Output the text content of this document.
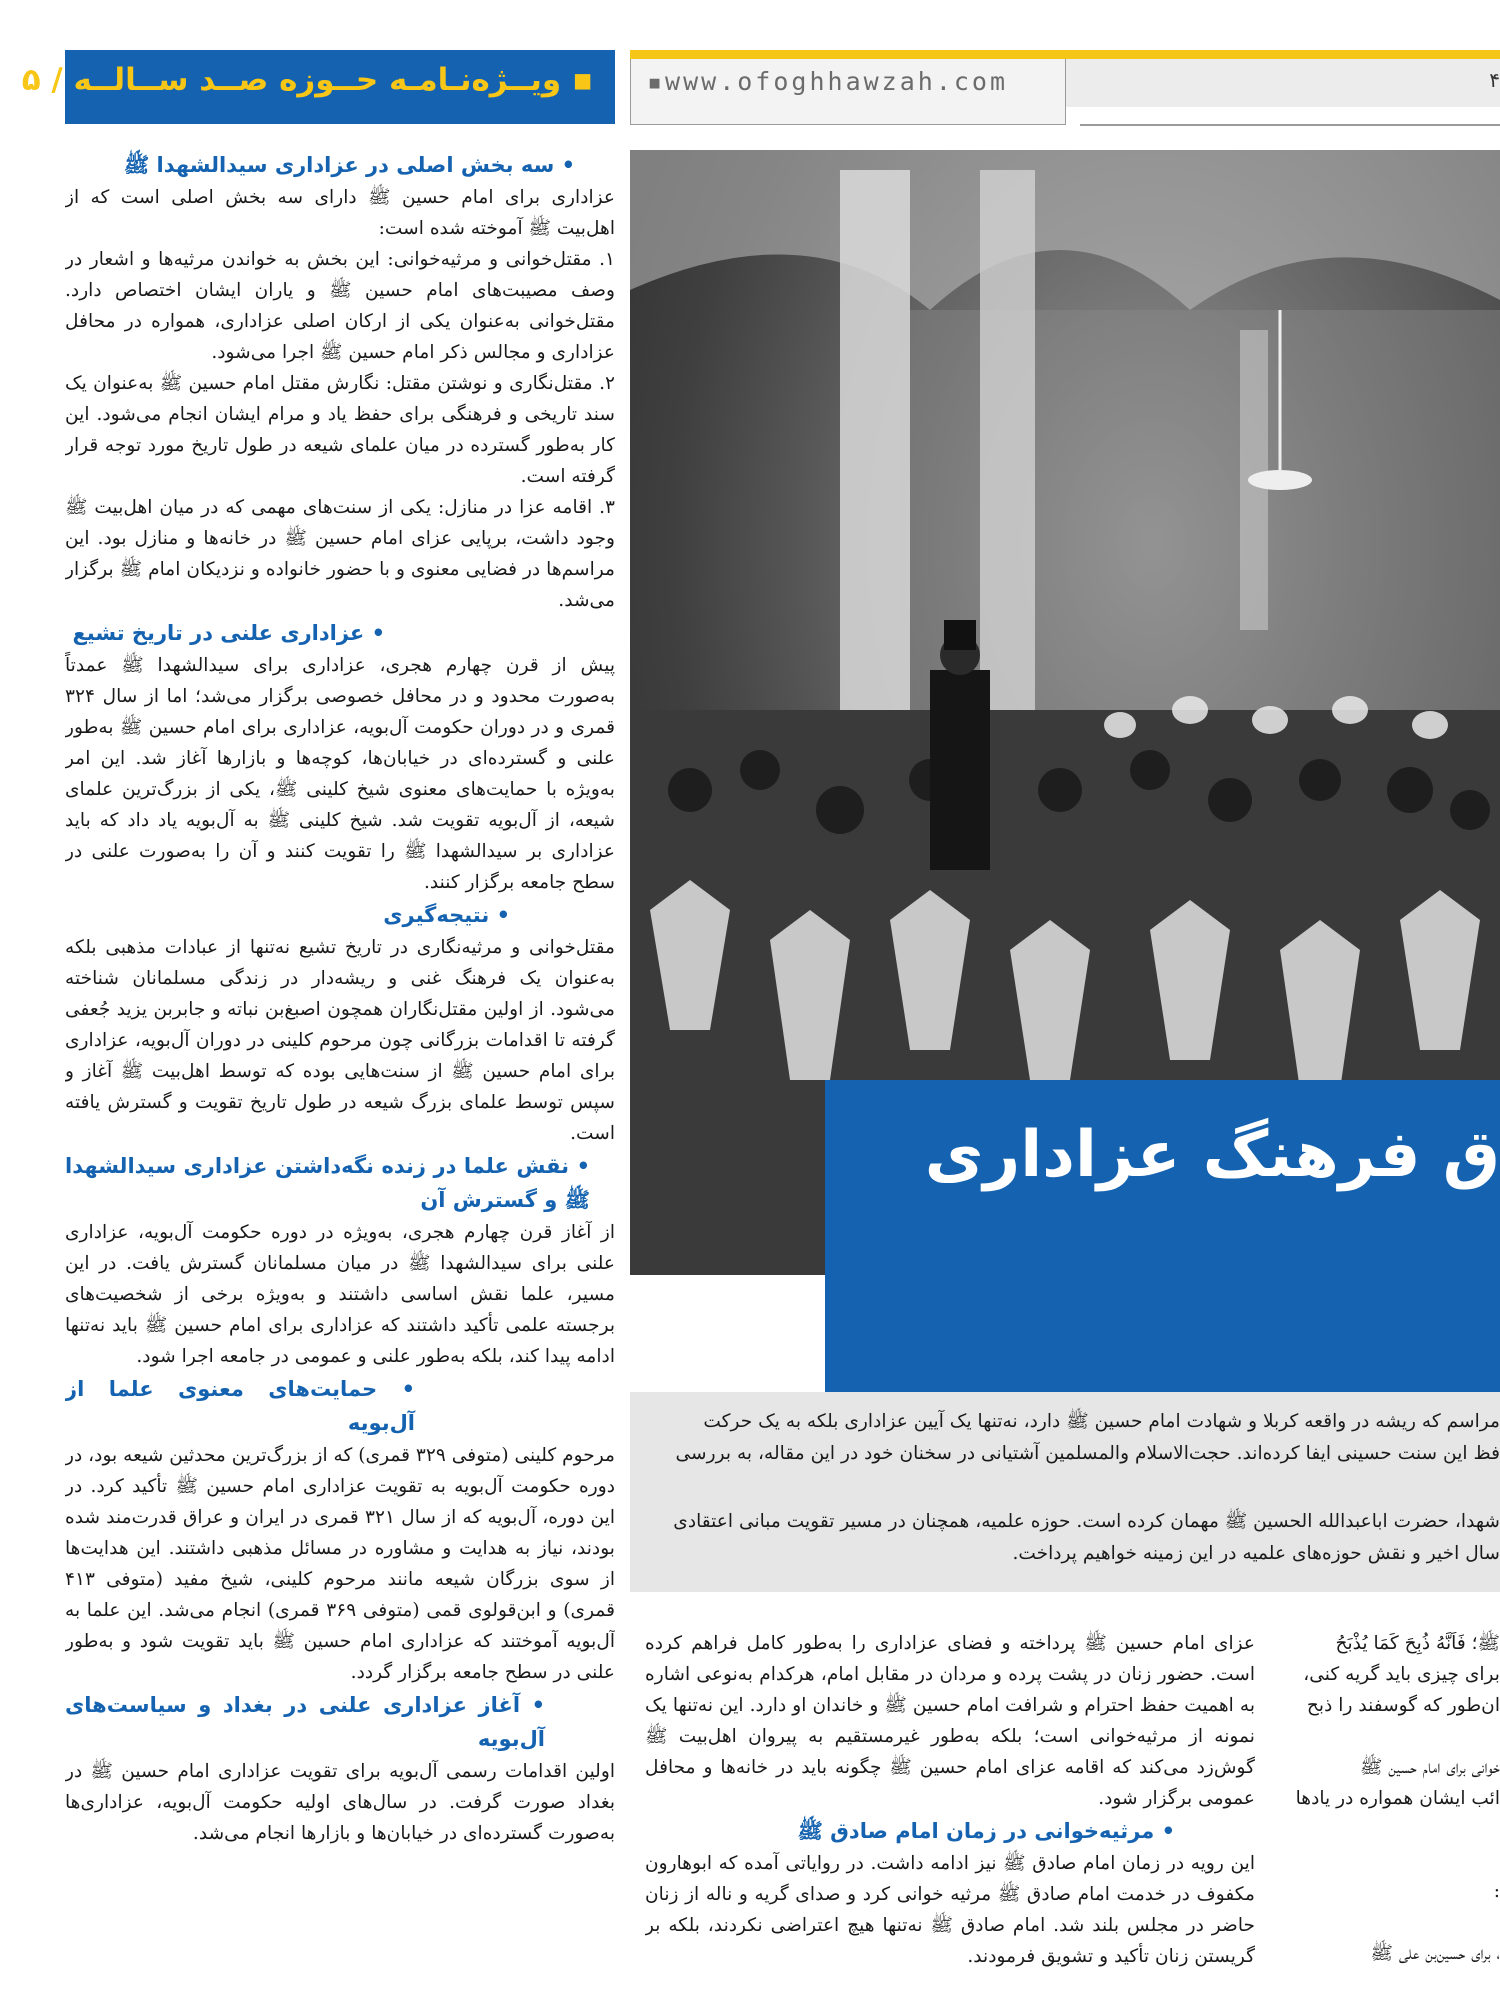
▪ ویــژه‌نـامـه حــوزه صــد ســالــه / ۵ ▪www.ofoghhawzah.com	۴
• سه بخش اصلی در عزاداری سیدالشهدا ﷺ

عزاداری برای امام حسین ﷺ دارای سه بخش اصلی است که از اهل‌بیت ﷺ آموخته شده است:

۱. مقتل‌خوانی و مرثیه‌خوانی: این بخش به خواندن مرثیه‌ها و اشعار در وصف مصیبت‌های امام حسین ﷺ و یاران ایشان اختصاص دارد. مقتل‌خوانی به‌عنوان یکی از ارکان اصلی عزاداری، همواره در محافل عزاداری و مجالس ذکر امام حسین ﷺ اجرا می‌شود.

۲. مقتل‌نگاری و نوشتن مقتل: نگارش مقتل امام حسین ﷺ به‌عنوان یک سند تاریخی و فرهنگی برای حفظ یاد و مرام ایشان انجام می‌شود. این کار به‌طور گسترده در میان علمای شیعه در طول تاریخ مورد توجه قرار گرفته است.

۳. اقامه عزا در منازل: یکی از سنت‌های مهمی که در میان اهل‌بیت ﷺ وجود داشت، برپایی عزای امام حسین ﷺ در خانه‌ها و منازل بود. این مراسم‌ها در فضایی معنوی و با حضور خانواده و نزدیکان امام ﷺ برگزار می‌شد.

• عزاداری علنی در تاریخ تشیع

پیش از قرن چهارم هجری، عزاداری برای سیدالشهدا ﷺ عمدتاً به‌صورت محدود و در محافل خصوصی برگزار می‌شد؛ اما از سال ۳۲۴ قمری و در دوران حکومت آل‌بویه، عزاداری برای امام حسین ﷺ به‌طور علنی و گسترده‌ای در خیابان‌ها، کوچه‌ها و بازارها آغاز شد. این امر به‌ویژه با حمایت‌های معنوی شیخ کلینی ﷺ، یکی از بزرگ‌ترین علمای شیعه، از آل‌بویه تقویت شد. شیخ کلینی ﷺ به آل‌بویه یاد داد که باید عزاداری بر سیدالشهدا ﷺ را تقویت کنند و آن را به‌صورت علنی در سطح جامعه برگزار کنند.

• نتیجه‌گیری

مقتل‌خوانی و مرثیه‌نگاری در تاریخ تشیع نه‌تنها از عبادات مذهبی بلکه به‌عنوان یک فرهنگ غنی و ریشه‌دار در زندگی مسلمانان شناخته می‌شود. از اولین مقتل‌نگاران همچون اصبغ‌بن نباته و جابربن یزید جُعفی گرفته تا اقدامات بزرگانی چون مرحوم کلینی در دوران آل‌بویه، عزاداری برای امام حسین ﷺ از سنت‌هایی بوده که توسط اهل‌بیت ﷺ آغاز و سپس توسط علمای بزرگ شیعه در طول تاریخ تقویت و گسترش یافته است.

• نقش علما در زنده نگه‌داشتن عزاداری سیدالشهدا ﷺ و گسترش آن

از آغاز قرن چهارم هجری، به‌ویژه در دوره حکومت آل‌بویه، عزاداری علنی برای سیدالشهدا ﷺ در میان مسلمانان گسترش یافت. در این مسیر، علما نقش اساسی داشتند و به‌ویژه برخی از شخصیت‌های برجسته علمی تأکید داشتند که عزاداری برای امام حسین ﷺ باید نه‌تنها ادامه پیدا کند، بلکه به‌طور علنی و عمومی در جامعه اجرا شود.

• حمایت‌های معنوی علما از آل‌بویه

مرحوم کلینی (متوفی ۳۲۹ قمری) که از بزرگ‌ترین محدثین شیعه بود، در دوره حکومت آل‌بویه به تقویت عزاداری امام حسین ﷺ تأکید کرد. در این دوره، آل‌بویه که از سال ۳۲۱ قمری در ایران و عراق قدرت‌مند شده بودند، نیاز به هدایت و مشاوره در مسائل مذهبی داشتند. این هدایت‌ها از سوی بزرگان شیعه مانند مرحوم کلینی، شیخ مفید (متوفی ۴۱۳ قمری) و ابن‌قولوی قمی (متوفی ۳۶۹ قمری) انجام می‌شد. این علما به آل‌بویه آموختند که عزاداری امام حسین ﷺ باید تقویت شود و به‌طور علنی در سطح جامعه برگزار گردد.

• آغاز عزاداری علنی در بغداد و سیاست‌های آل‌بویه

اولین اقدامات رسمی آل‌بویه برای تقویت عزاداری امام حسین ﷺ در بغداد صورت گرفت. در سال‌های اولیه حکومت آل‌بویه، عزاداری‌ها به‌صورت گسترده‌ای در خیابان‌ها و بازارها انجام می‌شد.

ق فرهنگ عزاداری
مراسم که ریشه در واقعه کربلا و شهادت امام حسین ﷺ دارد، نه‌تنها یک آیین عزاداری بلکه به یک حرکت
فظ این سنت حسینی ایفا کرده‌اند. حجت‌الاسلام والمسلمین آشتیانی در سخنان خود در این مقاله، به بررسی
شهدا، حضرت اباعبدالله الحسین ﷺ مهمان کرده است. حوزه علمیه، همچنان در مسیر تقویت مبانی اعتقادی
سال اخیر و نقش حوزه‌های علمیه در این زمینه خواهیم پرداخت.

عزای امام حسین ﷺ پرداخته و فضای عزاداری را به‌طور کامل فراهم کرده است. حضور زنان در پشت پرده و مردان در مقابل امام، هرکدام به‌نوعی اشاره به اهمیت حفظ احترام و شرافت امام حسین ﷺ و خاندان او دارد. این نه‌تنها یک نمونه از مرثیه‌خوانی است؛ بلکه به‌طور غیرمستقیم به پیروان اهل‌بیت ﷺ گوش‌زد می‌کند که اقامه عزای امام حسین ﷺ چگونه باید در خانه‌ها و محافل عمومی برگزار شود.

• مرثیه‌خوانی در زمان امام صادق ﷺ

این رویه در زمان امام صادق ﷺ نیز ادامه داشت. در روایاتی آمده که ابوهارون مکفوف در خدمت امام صادق ﷺ مرثیه خوانی کرد و صدای گریه و ناله از زنان حاضر در مجلس بلند شد. امام صادق ﷺ نه‌تنها هیچ اعتراضی نکردند، بلکه بر گریستن زنان تأکید و تشویق فرمودند.

ﷺ؛ فَاَنَّهُ ذُبِحَ كَمَا يُذْبَحُ

برای چیزی باید گریه کنی،

ان‌طور که گوسفند را ذبح

خوانی برای امام حسین ﷺ

ائب ایشان همواره در یادها

:

، برای حسین‌بن علی ﷺ
